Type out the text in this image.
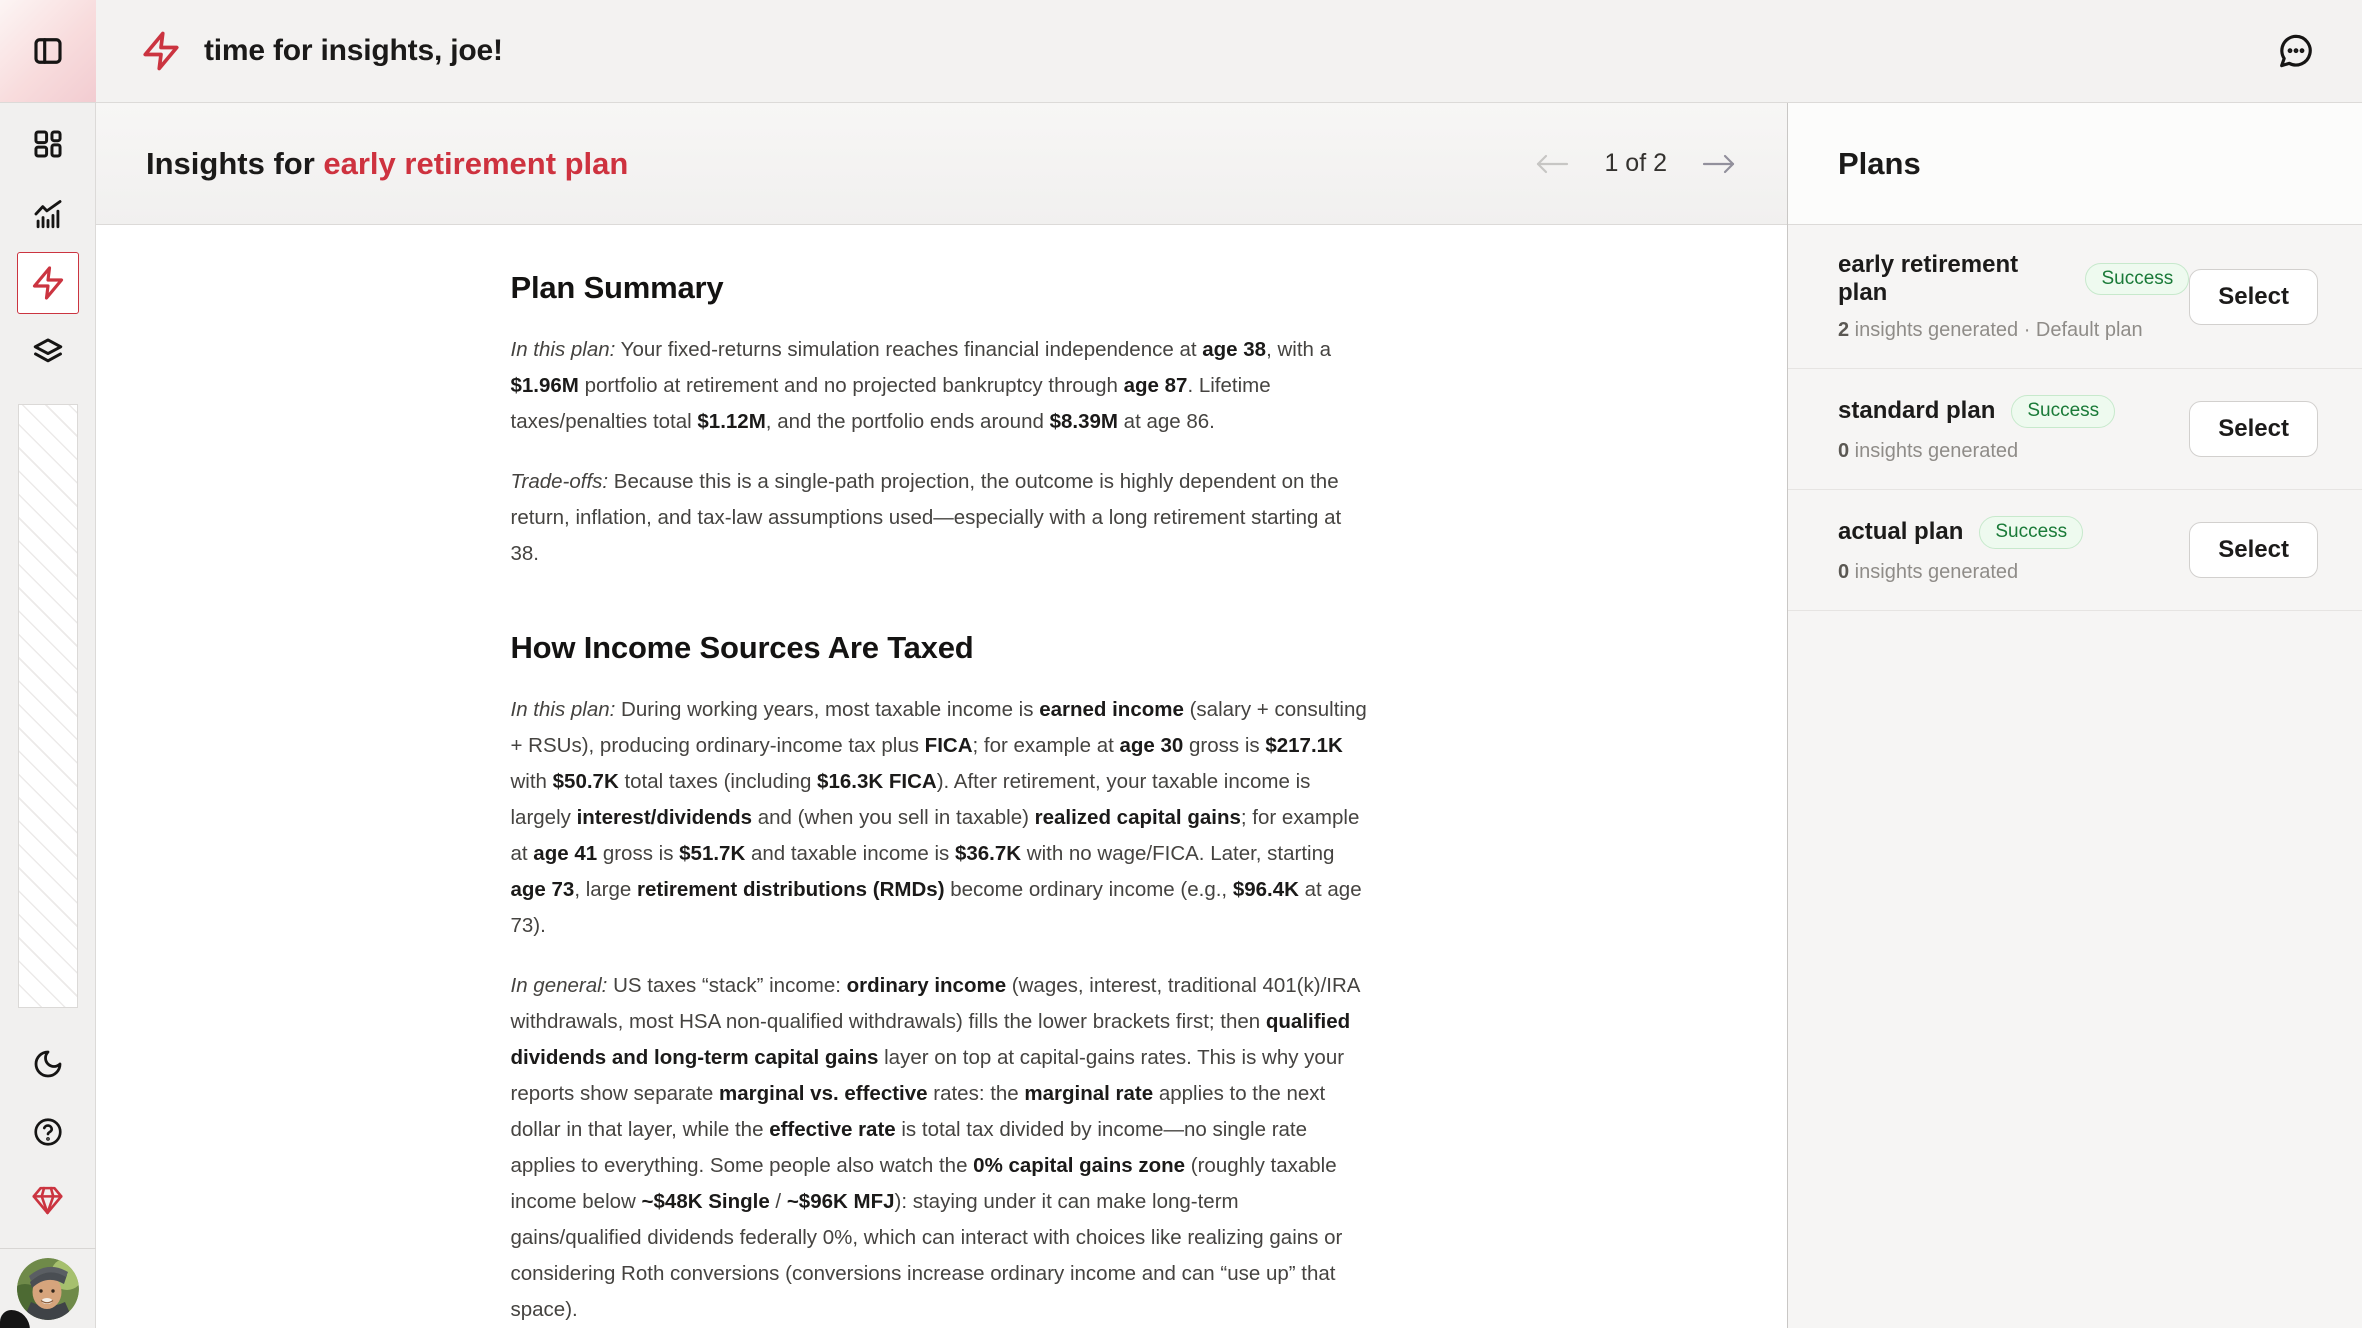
time for insights, joe!
Insights for early retirement plan	1 of 2
Plan Summary

In this plan: Your fixed-returns simulation reaches financial independence at age 38, with a $1.96M portfolio at retirement and no projected bankruptcy through age 87. Lifetime taxes/penalties total $1.12M, and the portfolio ends around $8.39M at age 86.

Trade-offs: Because this is a single-path projection, the outcome is highly dependent on the return, inflation, and tax-law assumptions used—especially with a long retirement starting at 38.

How Income Sources Are Taxed

In this plan: During working years, most taxable income is earned income (salary + consulting + RSUs), producing ordinary-income tax plus FICA; for example at age 30 gross is $217.1K with $50.7K total taxes (including $16.3K FICA). After retirement, your taxable income is largely interest/dividends and (when you sell in taxable) realized capital gains; for example at age 41 gross is $51.7K and taxable income is $36.7K with no wage/FICA. Later, starting age 73, large retirement distributions (RMDs) become ordinary income (e.g., $96.4K at age 73).

In general: US taxes “stack” income: ordinary income (wages, interest, traditional 401(k)/IRA withdrawals, most HSA non-qualified withdrawals) fills the lower brackets first; then qualified dividends and long-term capital gains layer on top at capital-gains rates. This is why your reports show separate marginal vs. effective rates: the marginal rate applies to the next dollar in that layer, while the effective rate is total tax divided by income—no single rate applies to everything. Some people also watch the 0% capital gains zone (roughly taxable income below ~$48K Single / ~$96K MFJ): staying under it can make long-term gains/qualified dividends federally 0%, which can interact with choices like realizing gains or considering Roth conversions (conversions increase ordinary income and can “use up” that space).

Plans
early retirement plan
Success
2 insights generated · Default plan
Select
standard plan	Success
0 insights generated
Select
actual plan	Success
0 insights generated
Select
